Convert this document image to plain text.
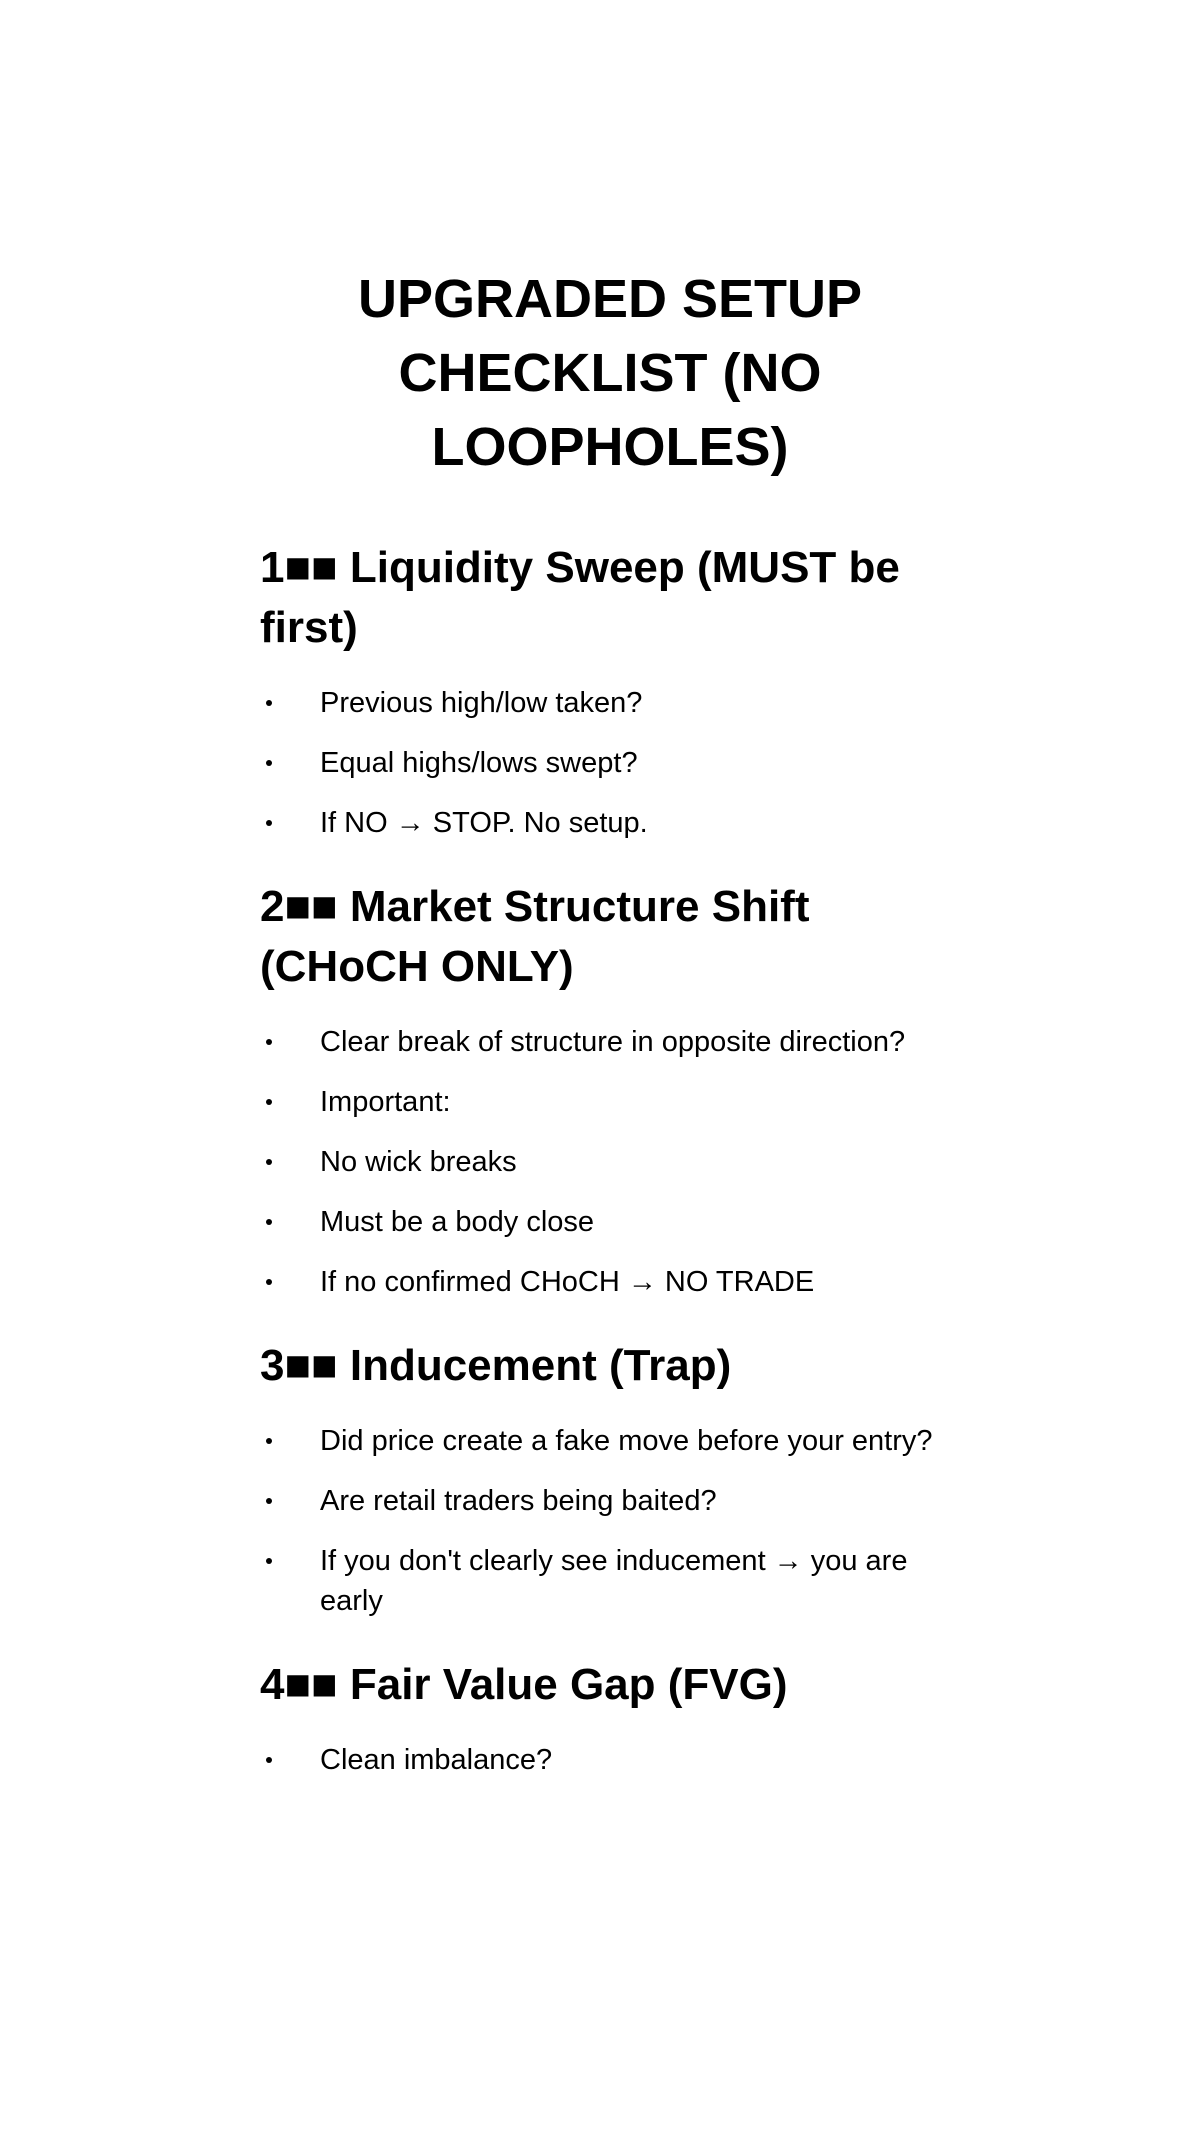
UPGRADED SETUP CHECKLIST (NO LOOPHOLES)
1■■ Liquidity Sweep (MUST be first)
Previous high/low taken?
Equal highs/lows swept?
If NO → STOP. No setup.
2■■ Market Structure Shift (CHoCH ONLY)
Clear break of structure in opposite direction?
Important:
No wick breaks
Must be a body close
If no confirmed CHoCH → NO TRADE
3■■ Inducement (Trap)
Did price create a fake move before your entry?
Are retail traders being baited?
If you don't clearly see inducement → you are early
4■■ Fair Value Gap (FVG)
Clean imbalance?
